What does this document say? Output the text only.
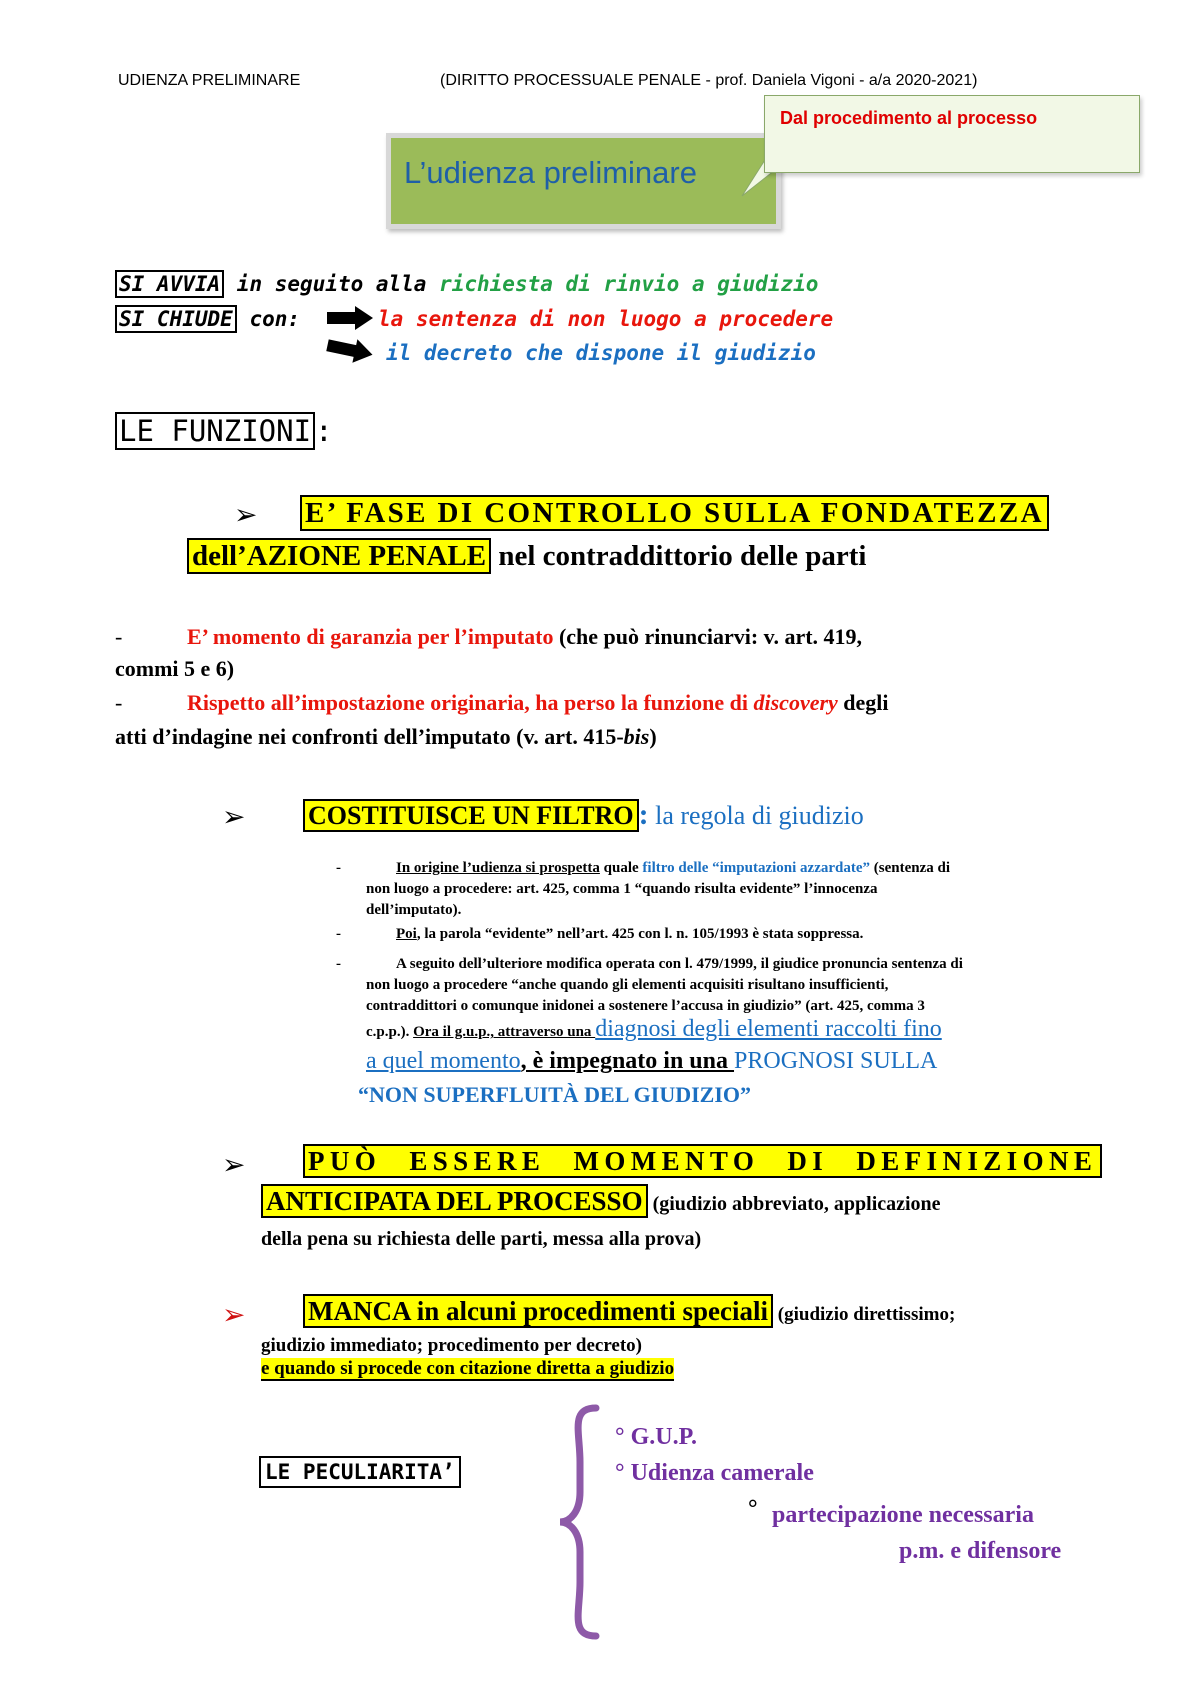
UDIENZA PRELIMINARE	(DIRITTO PROCESSUALE PENALE - prof. Daniela Vigoni - a/a 2020-2021)
L’udienza preliminare
Dal procedimento al processo
SI AVVIA in seguito alla richiesta di rinvio a giudizio
SI CHIUDE con:	la sentenza di non luogo a procedere
il decreto che dispone il giudizio
LE FUNZIONI :
➢ E’ FASE DI CONTROLLO SULLA FONDATEZZA
dell’AZIONE PENALE nel contraddittorio delle parti
-	E’ momento di garanzia per l’imputato (che può rinunciarvi: v. art. 419,
commi 5 e 6)
-	Rispetto all’impostazione originaria, ha perso la funzione di discovery degli
atti d’indagine nei confronti dell’imputato (v. art. 415-bis)
➢ COSTITUISCE UN FILTRO : la regola di giudizio
-	In origine l’udienza si prospetta quale filtro delle “imputazioni azzardate” (sentenza di
non luogo a procedere: art. 425, comma 1 “quando risulta evidente” l’innocenza
dell’imputato).
-	Poi, la parola “evidente” nell’art. 425 con l. n. 105/1993 è stata soppressa.
-	A seguito dell’ulteriore modifica operata con l. 479/1999, il giudice pronuncia sentenza di
non luogo a procedere “anche quando gli elementi acquisiti risultano insufficienti,
contraddittori o comunque inidonei a sostenere l’accusa in giudizio” (art. 425, comma 3
c.p.p.). Ora il g.u.p., attraverso una diagnosi degli elementi raccolti fino
a quel momento, è impegnato in una PROGNOSI SULLA
“NON SUPERFLUITÀ DEL GIUDIZIO”
➢ PUÒ ESSERE MOMENTO DI DEFINIZIONE
ANTICIPATA DEL PROCESSO (giudizio abbreviato, applicazione
della pena su richiesta delle parti, messa alla prova)
➢ MANCA in alcuni procedimenti speciali (giudizio direttissimo;
giudizio immediato; procedimento per decreto)
e quando si procede con citazione diretta a giudizio
LE PECULIARITA’
° G.U.P.
° Udienza camerale
° partecipazione necessaria
p.m. e difensore
